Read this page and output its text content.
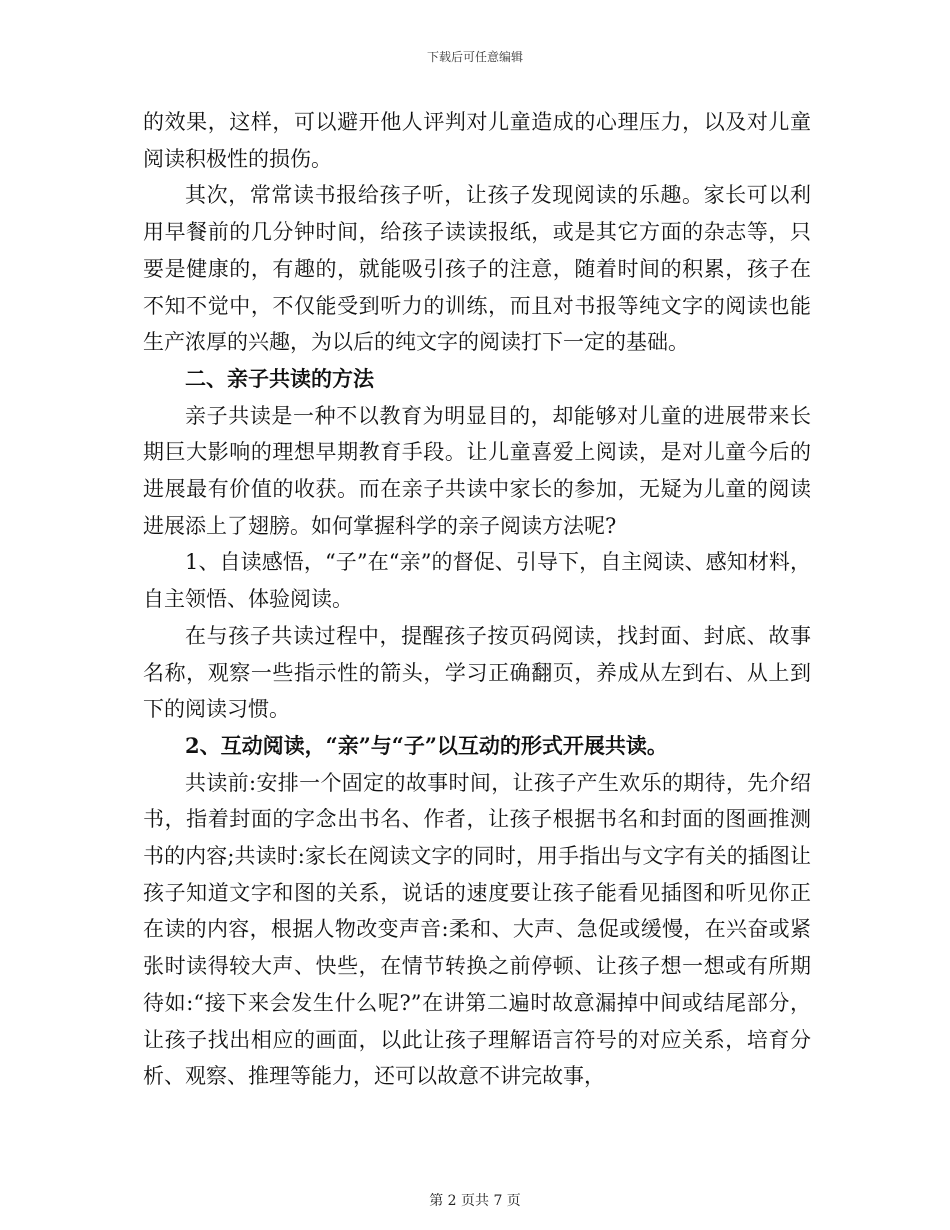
下载后可任意编辑

的效果，这样，可以避开他人评判对儿童造成的心理压力，以及对儿童阅读积极性的损伤。

其次，常常读书报给孩子听，让孩子发现阅读的乐趣。家长可以利用早餐前的几分钟时间，给孩子读读报纸，或是其它方面的杂志等，只要是健康的，有趣的，就能吸引孩子的注意，随着时间的积累，孩子在不知不觉中，不仅能受到听力的训练，而且对书报等纯文字的阅读也能生产浓厚的兴趣，为以后的纯文字的阅读打下一定的基础。

二、亲子共读的方法

亲子共读是一种不以教育为明显目的，却能够对儿童的进展带来长期巨大影响的理想早期教育手段。让儿童喜爱上阅读，是对儿童今后的进展最有价值的收获。而在亲子共读中家长的参加，无疑为儿童的阅读进展添上了翅膀。如何掌握科学的亲子阅读方法呢?

1、自读感悟，“子”在“亲”的督促、引导下，自主阅读、感知材料，自主领悟、体验阅读。

在与孩子共读过程中，提醒孩子按页码阅读，找封面、封底、故事名称，观察一些指示性的箭头，学习正确翻页，养成从左到右、从上到下的阅读习惯。

2、互动阅读，“亲”与“子”以互动的形式开展共读。

共读前:安排一个固定的故事时间，让孩子产生欢乐的期待，先介绍书，指着封面的字念出书名、作者，让孩子根据书名和封面的图画推测书的内容;共读时:家长在阅读文字的同时，用手指出与文字有关的插图让孩子知道文字和图的关系，说话的速度要让孩子能看见插图和听见你正在读的内容，根据人物改变声音:柔和、大声、急促或缓慢，在兴奋或紧张时读得较大声、快些，在情节转换之前停顿、让孩子想一想或有所期待如:“接下来会发生什么呢?”在讲第二遍时故意漏掉中间或结尾部分，让孩子找出相应的画面，以此让孩子理解语言符号的对应关系，培育分析、观察、推理等能力，还可以故意不讲完故事，

第 2 页共 7 页
